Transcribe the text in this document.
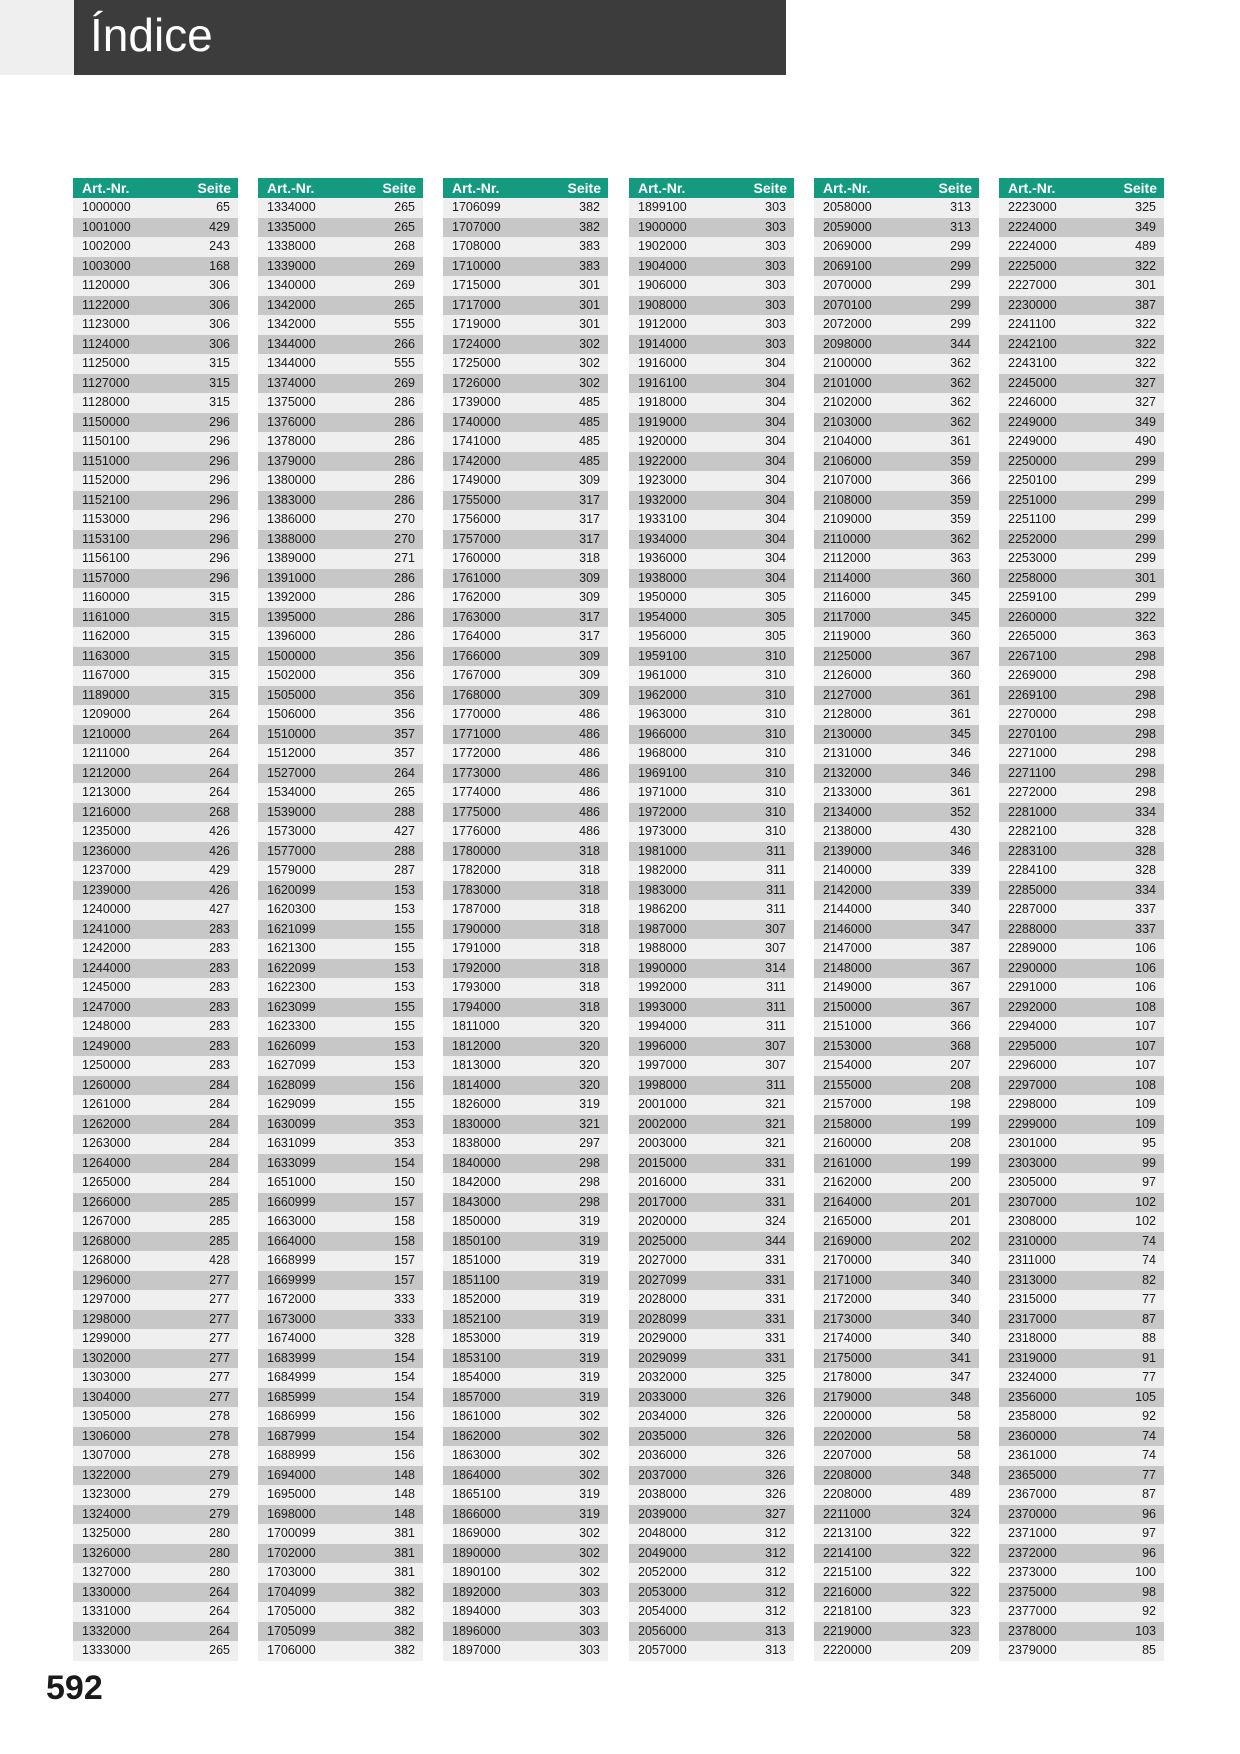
Índice
Art.-Nr.	Seite
1000000	65
1001000	429
1002000	243
1003000	168
1120000	306
1122000	306
1123000	306
1124000	306
1125000	315
1127000	315
1128000	315
1150000	296
1150100	296
1151000	296
1152000	296
1152100	296
1153000	296
1153100	296
1156100	296
1157000	296
1160000	315
1161000	315
1162000	315
1163000	315
1167000	315
1189000	315
1209000	264
1210000	264
1211000	264
1212000	264
1213000	264
1216000	268
1235000	426
1236000	426
1237000	429
1239000	426
1240000	427
1241000	283
1242000	283
1244000	283
1245000	283
1247000	283
1248000	283
1249000	283
1250000	283
1260000	284
1261000	284
1262000	284
1263000	284
1264000	284
1265000	284
1266000	285
1267000	285
1268000	285
1268000	428
1296000	277
1297000	277
1298000	277
1299000	277
1302000	277
1303000	277
1304000	277
1305000	278
1306000	278
1307000	278
1322000	279
1323000	279
1324000	279
1325000	280
1326000	280
1327000	280
1330000	264
1331000	264
1332000	264
1333000	265
Art.-Nr.	Seite
1334000	265
1335000	265
1338000	268
1339000	269
1340000	269
1342000	265
1342000	555
1344000	266
1344000	555
1374000	269
1375000	286
1376000	286
1378000	286
1379000	286
1380000	286
1383000	286
1386000	270
1388000	270
1389000	271
1391000	286
1392000	286
1395000	286
1396000	286
1500000	356
1502000	356
1505000	356
1506000	356
1510000	357
1512000	357
1527000	264
1534000	265
1539000	288
1573000	427
1577000	288
1579000	287
1620099	153
1620300	153
1621099	155
1621300	155
1622099	153
1622300	153
1623099	155
1623300	155
1626099	153
1627099	153
1628099	156
1629099	155
1630099	353
1631099	353
1633099	154
1651000	150
1660999	157
1663000	158
1664000	158
1668999	157
1669999	157
1672000	333
1673000	333
1674000	328
1683999	154
1684999	154
1685999	154
1686999	156
1687999	154
1688999	156
1694000	148
1695000	148
1698000	148
1700099	381
1702000	381
1703000	381
1704099	382
1705000	382
1705099	382
1706000	382
Art.-Nr.	Seite
1706099	382
1707000	382
1708000	383
1710000	383
1715000	301
1717000	301
1719000	301
1724000	302
1725000	302
1726000	302
1739000	485
1740000	485
1741000	485
1742000	485
1749000	309
1755000	317
1756000	317
1757000	317
1760000	318
1761000	309
1762000	309
1763000	317
1764000	317
1766000	309
1767000	309
1768000	309
1770000	486
1771000	486
1772000	486
1773000	486
1774000	486
1775000	486
1776000	486
1780000	318
1782000	318
1783000	318
1787000	318
1790000	318
1791000	318
1792000	318
1793000	318
1794000	318
1811000	320
1812000	320
1813000	320
1814000	320
1826000	319
1830000	321
1838000	297
1840000	298
1842000	298
1843000	298
1850000	319
1850100	319
1851000	319
1851100	319
1852000	319
1852100	319
1853000	319
1853100	319
1854000	319
1857000	319
1861000	302
1862000	302
1863000	302
1864000	302
1865100	319
1866000	319
1869000	302
1890000	302
1890100	302
1892000	303
1894000	303
1896000	303
1897000	303
Art.-Nr.	Seite
1899100	303
1900000	303
1902000	303
1904000	303
1906000	303
1908000	303
1912000	303
1914000	303
1916000	304
1916100	304
1918000	304
1919000	304
1920000	304
1922000	304
1923000	304
1932000	304
1933100	304
1934000	304
1936000	304
1938000	304
1950000	305
1954000	305
1956000	305
1959100	310
1961000	310
1962000	310
1963000	310
1966000	310
1968000	310
1969100	310
1971000	310
1972000	310
1973000	310
1981000	311
1982000	311
1983000	311
1986200	311
1987000	307
1988000	307
1990000	314
1992000	311
1993000	311
1994000	311
1996000	307
1997000	307
1998000	311
2001000	321
2002000	321
2003000	321
2015000	331
2016000	331
2017000	331
2020000	324
2025000	344
2027000	331
2027099	331
2028000	331
2028099	331
2029000	331
2029099	331
2032000	325
2033000	326
2034000	326
2035000	326
2036000	326
2037000	326
2038000	326
2039000	327
2048000	312
2049000	312
2052000	312
2053000	312
2054000	312
2056000	313
2057000	313
Art.-Nr.	Seite
2058000	313
2059000	313
2069000	299
2069100	299
2070000	299
2070100	299
2072000	299
2098000	344
2100000	362
2101000	362
2102000	362
2103000	362
2104000	361
2106000	359
2107000	366
2108000	359
2109000	359
2110000	362
2112000	363
2114000	360
2116000	345
2117000	345
2119000	360
2125000	367
2126000	360
2127000	361
2128000	361
2130000	345
2131000	346
2132000	346
2133000	361
2134000	352
2138000	430
2139000	346
2140000	339
2142000	339
2144000	340
2146000	347
2147000	387
2148000	367
2149000	367
2150000	367
2151000	366
2153000	368
2154000	207
2155000	208
2157000	198
2158000	199
2160000	208
2161000	199
2162000	200
2164000	201
2165000	201
2169000	202
2170000	340
2171000	340
2172000	340
2173000	340
2174000	340
2175000	341
2178000	347
2179000	348
2200000	58
2202000	58
2207000	58
2208000	348
2208000	489
2211000	324
2213100	322
2214100	322
2215100	322
2216000	322
2218100	323
2219000	323
2220000	209
Art.-Nr.	Seite
2223000	325
2224000	349
2224000	489
2225000	322
2227000	301
2230000	387
2241100	322
2242100	322
2243100	322
2245000	327
2246000	327
2249000	349
2249000	490
2250000	299
2250100	299
2251000	299
2251100	299
2252000	299
2253000	299
2258000	301
2259100	299
2260000	322
2265000	363
2267100	298
2269000	298
2269100	298
2270000	298
2270100	298
2271000	298
2271100	298
2272000	298
2281000	334
2282100	328
2283100	328
2284100	328
2285000	334
2287000	337
2288000	337
2289000	106
2290000	106
2291000	106
2292000	108
2294000	107
2295000	107
2296000	107
2297000	108
2298000	109
2299000	109
2301000	95
2303000	99
2305000	97
2307000	102
2308000	102
2310000	74
2311000	74
2313000	82
2315000	77
2317000	87
2318000	88
2319000	91
2324000	77
2356000	105
2358000	92
2360000	74
2361000	74
2365000	77
2367000	87
2370000	96
2371000	97
2372000	96
2373000	100
2375000	98
2377000	92
2378000	103
2379000	85
592
